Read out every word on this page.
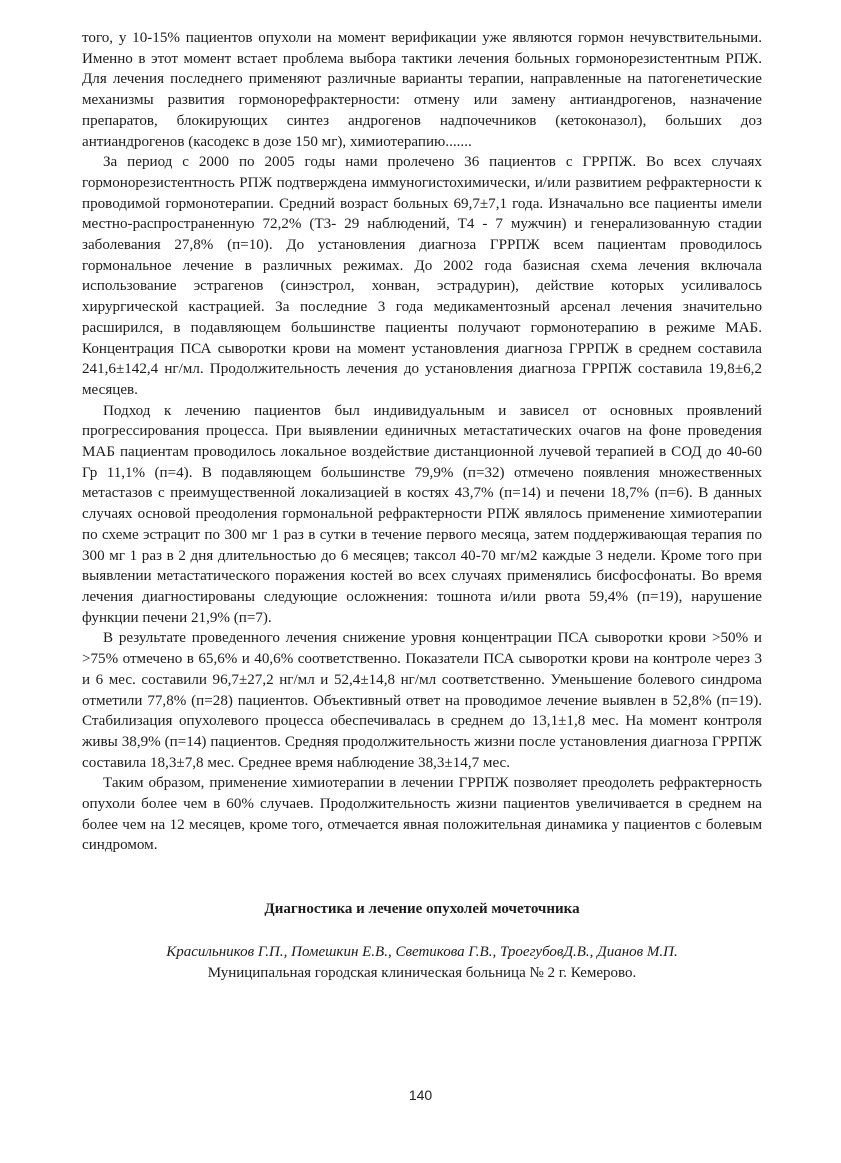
того, у 10-15% пациентов опухоли на момент верификации уже являются гормон нечувствительными. Именно в этот момент встает проблема выбора тактики лечения больных гормонорезистентным РПЖ. Для лечения последнего применяют различные варианты терапии, направленные на патогенетические механизмы развития гормонорефрактерности: отмену или замену антиандрогенов, назначение препаратов, блокирующих синтез андрогенов надпочечников (кетоконазол), больших доз антиандрогенов (касодекс в дозе 150 мг), химиотерапию.......

За период с 2000 по 2005 годы нами пролечено 36 пациентов с ГРРПЖ. Во всех случаях гормонорезистентность РПЖ подтверждена иммуногистохимически, и/или развитием рефрактерности к проводимой гормонотерапии. Средний возраст больных 69,7±7,1 года. Изначально все пациенты имели местно-распространенную 72,2% (Т3- 29 наблюдений, Т4 - 7 мужчин) и генерализованную стадии заболевания 27,8% (п=10). До установления диагноза ГРРПЖ всем пациентам проводилось гормональное лечение в различных режимах. До 2002 года базисная схема лечения включала использование эстрагенов (синэстрол, хонван, эстрадурин), действие которых усиливалось хирургической кастрацией. За последние 3 года медикаментозный арсенал лечения значительно расширился, в подавляющем большинстве пациенты получают гормонотерапию в режиме МАБ. Концентрация ПСА сыворотки крови на момент установления диагноза ГРРПЖ в среднем составила 241,6±142,4 нг/мл. Продолжительность лечения до установления диагноза ГРРПЖ составила 19,8±6,2 месяцев.

Подход к лечению пациентов был индивидуальным и зависел от основных проявлений прогрессирования процесса. При выявлении единичных метастатических очагов на фоне проведения МАБ пациентам проводилось локальное воздействие дистанционной лучевой терапией в СОД до 40-60 Гр 11,1% (п=4). В подавляющем большинстве 79,9% (п=32) отмечено появления множественных метастазов с преимущественной локализацией в костях 43,7% (п=14) и печени 18,7% (п=6). В данных случаях основой преодоления гормональной рефрактерности РПЖ являлось применение химиотерапии по схеме эстрацит по 300 мг 1 раз в сутки в течение первого месяца, затем поддерживающая терапия по 300 мг 1 раз в 2 дня длительностью до 6 месяцев; таксол 40-70 мг/м2 каждые 3 недели. Кроме того при выявлении метастатического поражения костей во всех случаях применялись бисфосфонаты. Во время лечения диагностированы следующие осложнения: тошнота и/или рвота 59,4% (п=19), нарушение функции печени 21,9% (п=7).

В результате проведенного лечения снижение уровня концентрации ПСА сыворотки крови >50% и >75% отмечено в 65,6% и 40,6% соответственно. Показатели ПСА сыворотки крови на контроле через 3 и 6 мес. составили 96,7±27,2 нг/мл и 52,4±14,8 нг/мл соответственно. Уменьшение болевого синдрома отметили 77,8% (п=28) пациентов. Объективный ответ на проводимое лечение выявлен в 52,8% (п=19). Стабилизация опухолевого процесса обеспечивалась в среднем до 13,1±1,8 мес. На момент контроля живы 38,9% (п=14) пациентов. Средняя продолжительность жизни после установления диагноза ГРРПЖ составила 18,3±7,8 мес. Среднее время наблюдение 38,3±14,7 мес.

Таким образом, применение химиотерапии в лечении ГРРПЖ позволяет преодолеть рефрактерность опухоли более чем в 60% случаев. Продолжительность жизни пациентов увеличивается в среднем на более чем на 12 месяцев, кроме того, отмечается явная положительная динамика у пациентов с болевым синдромом.

Диагностика и лечение опухолей мочеточника
Красильников Г.П., Помешкин Е.В., Светикова Г.В., ТроегубовД.В., Дианов М.П.
Муниципальная городская клиническая больница № 2 г. Кемерово.
140
